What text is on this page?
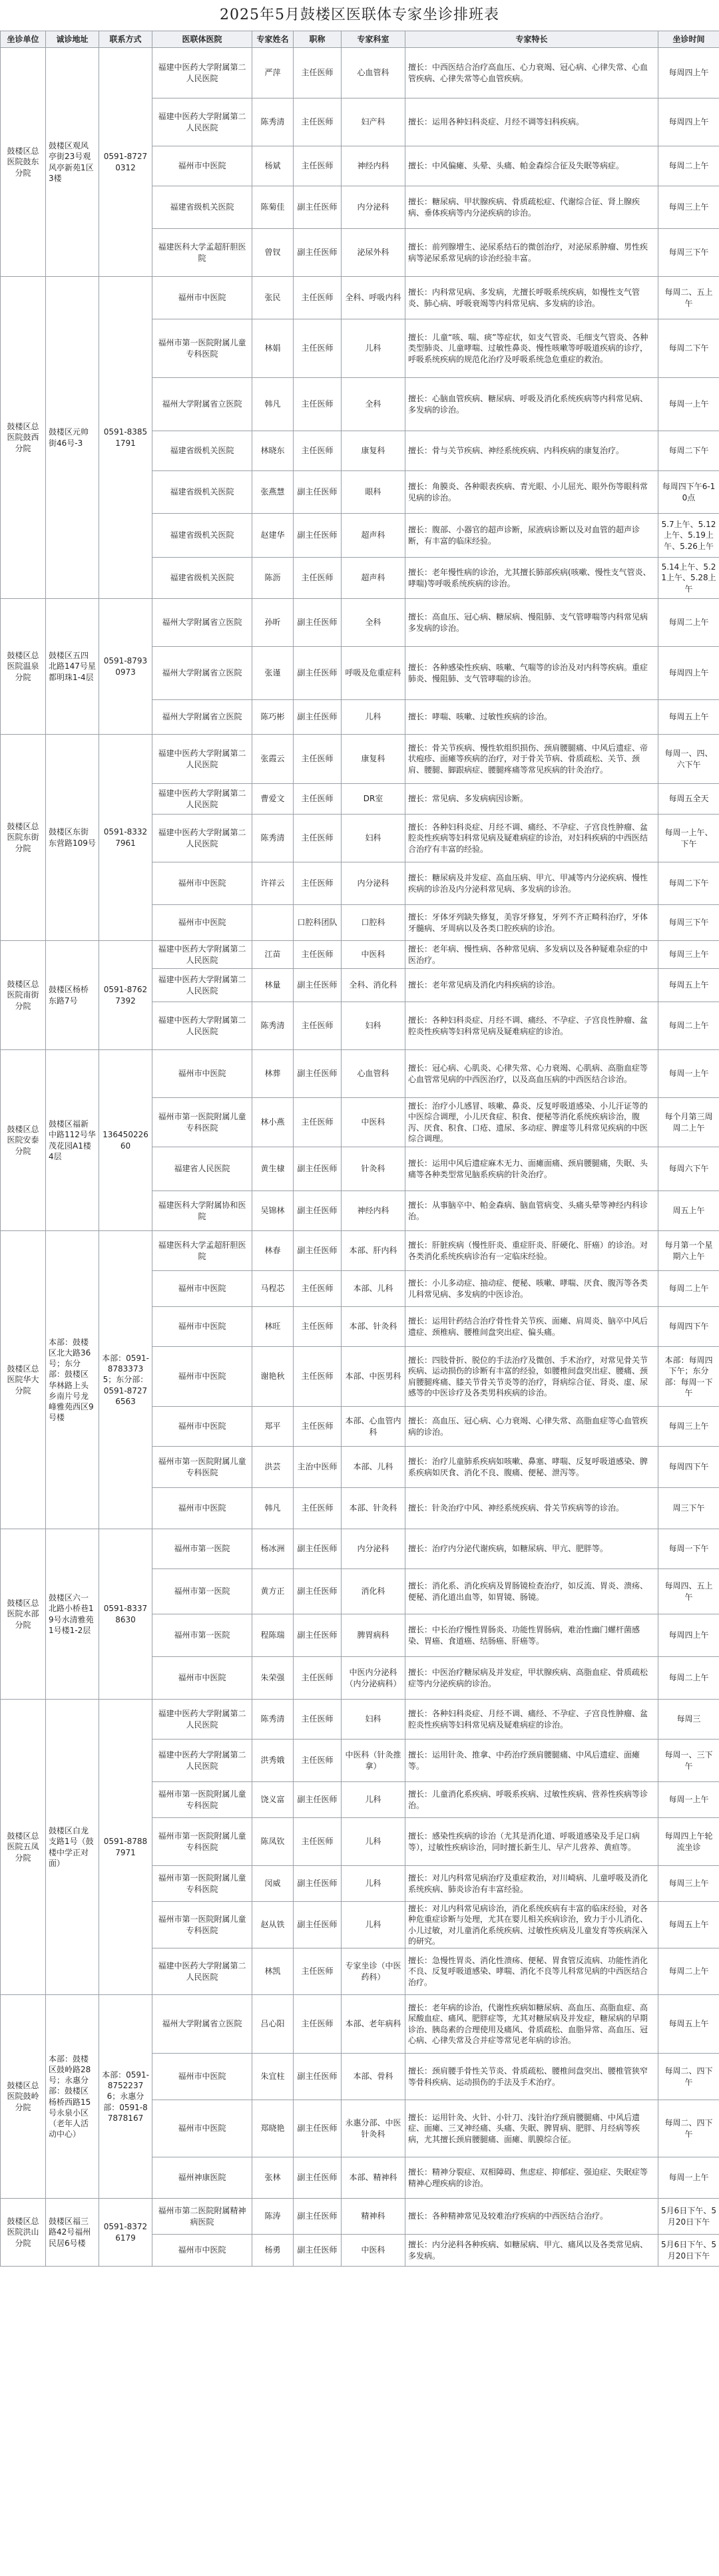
2025年5月鼓楼区医联体专家坐诊排班表
坐诊单位	诚诊地址	联系方式	医联体医院	专家姓名	职称	专家科室	专家特长	坐诊时间
鼓楼区总医院鼓东分院	鼓楼区观风亭街23号观风亭新苑1区3楼	0591-87270312	福建中医药大学附属第二人民医院	严萍	主任医师	心血管科	擅长：中西医结合治疗高血压、心力衰竭、冠心病、心律失常、心血管疾病、心律失常等心血管疾病。	每周四上午
			福建中医药大学附属第二人民医院	陈秀清	主任医师	妇产科	擅长：运用各种妇科炎症、月经不调等妇科疾病。	每周四上午
			福州市中医院	杨斌	主任医师	神经内科	擅长：中风偏瘫、头晕、头痛、帕金森综合征及失眠等病症。	每周二上午
			福建省级机关医院	陈菊佳	副主任医师	内分泌科	擅长：糖尿病、甲状腺疾病、骨质疏松症、代谢综合征、肾上腺疾病、垂体疾病等内分泌疾病的诊治。	每周三上午
			福建医科大学孟超肝胆医院	曾钗	副主任医师	泌尿外科	擅长：前列腺增生、泌尿系结石的微创治疗，对泌尿系肿瘤、男性疾病等泌尿系常见病的诊治经验丰富。	每周三下午
鼓楼区总医院鼓西分院	鼓楼区元帅街46号-3	0591-83851791	福州市中医院	张民	主任医师	全科、呼吸内科	擅长：内科常见病、多发病，尤擅长呼吸系统疾病，如慢性支气管炎、肺心病、呼吸衰竭等内科常见病、多发病的诊治。	每周二、五上午
			福州市第一医院附属儿童专科医院	林娟	主任医师	儿科	擅长：儿童“咳、喘、痰”等症状，如支气管炎、毛细支气管炎、各种类型肺炎、儿童哮喘、过敏性鼻炎、慢性咳嗽等呼吸道疾病的诊疗，呼吸系统疾病的规范化治疗及呼吸系统急危重症的救治。	每周二下午
			福州大学附属省立医院	韩凡	主任医师	全科	擅长：心脑血管疾病、糖尿病、呼吸及消化系统疾病等内科常见病、多发病的诊治。	每周一上午
			福建省级机关医院	林晓东	主任医师	康复科	擅长：骨与关节疾病、神经系统疾病、内科疾病的康复治疗。	每周二下午
			福建省级机关医院	张燕慧	副主任医师	眼科	擅长：角膜炎、各种眼表疾病、青光眼、小儿屈光、眼外伤等眼科常见病的诊治。	每周四下午6-10点
			福建省级机关医院	赵建华	副主任医师	超声科	擅长：腹部、小器官的超声诊断，尿液病诊断以及对血管的超声诊断，有丰富的临床经验。	5.7上午、5.12上午、5.19上午、5.26上午
			福建省级机关医院	陈沥	主任医师	超声科	擅长：老年慢性病的诊治，尤其擅长肺部疾病(咳嗽、慢性支气管炎、哮喘)等呼吸系统疾病的诊治。	5.14上午、5.21上午、5.28上午
鼓楼区总医院温泉分院	鼓楼区五四北路147号星都明珠1-4层	0591-87930973	福州大学附属省立医院	孙昕	副主任医师	全科	擅长：高血压、冠心病、糖尿病、慢阻肺、支气管哮喘等内科常见病多发病的诊治。	每周二上午
			福州大学附属省立医院	张谨	副主任医师	呼吸及危重症科	擅长：各种感染性疾病、咳嗽、气喘等的诊治及对内科等疾病。重症肺炎、慢阻肺、支气管哮喘的诊治。	每周四上午
			福州大学附属省立医院	陈巧彬	副主任医师	儿科	擅长：哮喘、咳嗽、过敏性疾病的诊治。	每周五上午
鼓楼区总医院东街分院	鼓楼区东街东营路109号	0591-83327961	福建中医药大学附属第二人民医院	张霞云	主任医师	康复科	擅长：骨关节疾病、慢性软组织损伤、颈肩腰腿痛、中风后遗症、帝状疱疹、面瘫等疾病的治疗，对于骨关节病、骨质疏松、关节、颈肩、腰腿、脚跟病症、腰腿疼痛等常见疾病的针灸治疗。	每周一、四、六下午
			福建中医药大学附属第二人民医院	曹爱文	主任医师	DR室	擅长：常见病、多发病病因诊断。	每周五全天
			福建中医药大学附属第二人民医院	陈秀清	主任医师	妇科	擅长：各种妇科炎症、月经不调、痛经、不孕症、子宫良性肿瘤、盆腔炎性疾病等妇科常见病及疑难病症的诊治，对妇科疾病的中西医结合治疗有丰富的经验。	每周一上午、下午
			福州市中医院	许祥云	主任医师	内分泌科	擅长：糖尿病及并发症、高血压病、甲亢、甲减等内分泌疾病、慢性疾病的诊治及内分泌科常见病、多发病的诊治。	每周二下午
			福州市中医院		口腔科团队	口腔科	擅长：牙体牙列缺失修复，美容牙修复，牙列不齐正畸科治疗，牙体牙髓病、牙周病以及各类口腔疾病的诊治。	每周三下午
鼓楼区总医院南街分院	鼓楼区杨桥东路7号	0591-87627392	福建中医药大学附属第二人民医院	江苗	主任医师	中医科	擅长：老年病、慢性病、各种常见病、多发病以及各种疑难杂症的中医治疗。	每周三上午
			福建中医药大学附属第二人民医院	林量	副主任医师	全科、消化科	擅长：老年常见病及消化内科疾病的诊治。	每周五上午
			福建中医药大学附属第二人民医院	陈秀清	主任医师	妇科	擅长：各种妇科炎症、月经不调、痛经、不孕症、子宫良性肿瘤、盆腔炎性疾病等妇科常见病及疑难病症的诊治。	每周二上午
鼓楼区总医院安泰分院	鼓楼区福新中路112号华茂花园A1楼4层	13645022660	福州市中医院	林葬	副主任医师	心血管科	擅长：冠心病、心肌炎、心律失常、心力衰竭、心肌病、高脂血症等心血管常见病的中西医治疗，以及高血压病的中西医结合诊治。	每周一上午
			福州市第一医院附属儿童专科医院	林小燕	主任医师	中医科	擅长：治疗小儿感冒、咳嗽、鼻炎、反复呼吸道感染、小儿汗证等的中医综合调理，小儿厌食症、积食、便秘等消化系统疾病诊治，腹泻、厌食、积食、口疮、遗尿、多动症、脾虚等儿科常见疾病的中医综合调理。	每个月第三周周二上午
			福建省人民医院	黄生棣	副主任医师	针灸科	擅长：运用中风后遗症麻木无力、面瘫面痛、颈肩腰腿痛，失眠、头痛等各种类型常见脑系疾病的针灸治疗。	每周六下午
			福建医科大学附属协和医院	吴锦林	副主任医师	神经内科	擅长：从事脑卒中、帕金森病、脑血管病变、头痛头晕等神经内科诊治。	周五上午
鼓楼区总医院华大分院	本部：鼓楼区北大路36号；东分部：鼓楼区华林路上头乡南片号龙峰雅苑西区9号楼	本部：0591-87833735；东分部：0591-87276563	福建医科大学孟超肝胆医院	林春	副主任医师	本部、肝内科	擅长：肝脏疾病（慢性肝炎、重症肝炎、肝硬化、肝癌）的诊治。对各类消化系统疾病诊治有一定临床经验。	每月第一个星期六上午
			福州市中医院	马程芯	主任医师	本部、儿科	擅长：小儿多动症、抽动症、便秘、咳嗽、哮喘、厌食、腹泻等各类儿科常见病、多发病的中医诊治。	每周二上午
			福州市中医院	林旺	主任医师	本部、针灸科	擅长：运用针药结合治疗骨性骨关节疾、面瘫、肩周炎、脑卒中风后遗症、颈椎病、腰椎间盘突出症、偏头痛。	每周四下午
			福州市中医院	谢艳秋	主任医师	本部、中医男科	擅长：四肢骨折、脱位的手法治疗及微创、手术治疗，对常见骨关节疾病、运动损伤的诊断有丰富的经验，如腰椎间盘突出症、腰痛、颈肩腰腿疼痛、膝关节骨关节炎等的治疗，肾病综合征、肾炎、虚、尿感等的中医诊疗及各类男科疾病的诊治。	本部：每周四下午；东分部：每周一下午
			福州市中医院	郑平	主任医师	本部、心血管内科	擅长：高血压、冠心病、心力衰竭、心律失常、高脂血症等心血管疾病的诊治。	每周三上午
			福州市第一医院附属儿童专科医院	洪芸	主治中医师	本部、儿科	擅长：治疗儿童肺系疾病如咳嗽、鼻塞、哮喘、反复呼吸道感染、脾系疾病如厌食、消化不良、腹痛、便秘、泄泻等。	每周四下午
			福州市中医院	韩凡	主任医师	本部、针灸科	擅长：针灸治疗中风、神经系统疾病、骨关节疾病等的诊治。	周三下午
鼓楼区总医院水部分院	鼓楼区六一北路小桥巷19号水清雅苑1号楼1-2层	0591-83378630	福州市第一医院	杨冰洲	副主任医师	内分泌科	擅长：治疗内分泌代谢疾病，如糖尿病、甲亢、肥胖等。	每周一下午
			福州市第一医院	黄方正	副主任医师	消化科	擅长：消化系、消化疾病及胃肠镜检查治疗，如反流、胃炎、溃疡、便秘、消化道出血等，如胃镜、肠镜。	每周四、五上午
			福州市第一医院	程陈瑞	副主任医师	脾胃病科	擅长：中长治疗慢性胃肠炎、功能性胃肠病，难治性幽门螺杆菌感染、胃癌、食道癌、结肠癌、肝癌等。	每周四上午
			福州市中医院	朱荣强	主任医师	中医内分泌科（内分泌病科）	擅长：中医治疗糖尿病及并发症，甲状腺疾病、高脂血症、骨质疏松症等内分泌疾病的诊治。	每周二上午
鼓楼区总医院五凤分院	鼓楼区白龙支路1号（鼓楼中学正对面）	0591-87887971	福建中医药大学附属第二人民医院	陈秀清	主任医师	妇科	擅长：各种妇科炎症、月经不调、痛经、不孕症、子宫良性肿瘤、盆腔炎性疾病等妇科常见病及疑难病症的诊治。	每周三
			福建中医药大学附属第二人民医院	洪秀娥	主任医师	中医科（针灸推拿）	擅长：运用针灸、推拿、中药治疗颈肩腰腿痛、中风后遗症、面瘫等。	每周一、三下午
			福州市第一医院附属儿童专科医院	饶义富	副主任医师	儿科	擅长：儿童消化系疾病、呼吸系疾病、过敏性疾病、营养性疾病等诊治。	每周一上午
			福州市第一医院附属儿童专科医院	陈凤钦	主任医师	儿科	擅长：感染性疾病的诊治（尤其是消化道、呼吸道感染及手足口病等），过敏性疾病诊治，同时擅长新生儿、早产儿营养、黄疸等。	每周四上午轮流坐诊
			福州市第一医院附属儿童专科医院	闵威	副主任医师	儿科	擅长：对儿内科常见病治疗及重症救治，对川崎病、儿童呼吸及消化系统疾病、肺炎诊治有丰富经验。	每周三上午
			福州市第一医院附属儿童专科医院	赵从铁	副主任医师	儿科	擅长：对儿内科常见病诊治，消化系统疾病有丰富的临床经验，对各种危重症诊断与处理，尤其在婴儿相关疾病诊治，致力于小儿消化、小儿过敏，对儿童消化系统疾病、过敏性疾病及儿童发育等疾病深入的研究。	每周五上午
			福建中医药大学附属第二人民医院	林凯	主任医师	专家坐诊（中医药科）	擅长：急慢性胃炎、消化性溃疡、便秘、胃食管反流病、功能性消化不良、反复呼吸道感染、哮喘、消化不良等儿科常见病的中西医结合治疗。	每周二上午
鼓楼区总医院鼓岭分院	本部：鼓楼区鼓岭路28号；永惠分部：鼓楼区杨桥西路15号永泉小区（老年人活动中心）	本部：0591-87522376；永惠分部：0591-87878167	福州大学附属省立医院	吕心阳	主任医师	本部、老年病科	擅长：老年病的诊治，代谢性疾病如糖尿病、高血压、高脂血症、高尿酸血症、痛风、肥胖症等，尤其对糖尿病及并发症，糖尿病的早期诊治、胰岛素的合理使用及痛风、骨质疏松、血脂异常、高血压、冠心病、心律失常及合并症等常见老年病的诊治。	每周五上午
			福州市中医院	朱宜柱	副主任医师	本部、骨科	擅长：颈肩腰手骨性关节炎、骨质疏松、腰椎间盘突出、腰椎管狭窄等骨科疾病、运动损伤的手法及手术治疗。	每周二、四下午
			福州市中医院	郑晓艳	副主任医师	永惠分部、中医针灸科	擅长：运用针灸、火针、小针刀、浅针治疗颈肩腰腿痛、中风后遗症、面瘫、三叉神经痛、头痛、失眠、脾胃病、肥胖、月经病等疾病，尤其擅长颈肩腰腿痛、面瘫、肌膜综合征。	每周二、四下午
			福州神康医院	张林	副主任医师	本部、精神科	擅长：精神分裂症、双相障碍、焦虑症、抑郁症、强迫症、失眠症等精神心理疾病的诊治。	每周一上午
鼓楼区总医院洪山分院	鼓楼区福三路42号福州民居6号楼	0591-83726179	福州市第二医院附属精神病医院	陈涛	副主任医师	精神科	擅长：各种精神常见及较难治疗疾病的中西医结合治疗。	5月6日下午、5月20日下午
			福州市中医院	杨勇	副主任医师	中医科	擅长：内分泌科各种疾病、如糖尿病、甲亢、痛风以及各类常见病、多发病。	5月6日下午、5月20日下午
